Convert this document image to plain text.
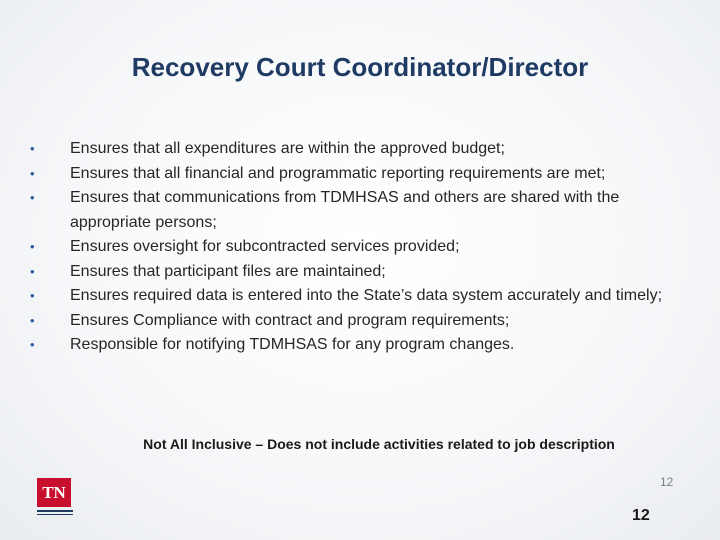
Recovery Court Coordinator/Director
• Ensures that all expenditures are within the approved budget;
• Ensures that all financial and programmatic reporting requirements are met;
• Ensures that communications from TDMHSAS and others are shared with the appropriate persons;
• Ensures oversight for subcontracted services provided;
• Ensures that participant files are maintained;
• Ensures required data is entered into the State’s data system accurately and timely;
• Ensures Compliance with contract and program requirements;
• Responsible for notifying TDMHSAS for any program changes.
Not All Inclusive – Does not include activities related to job description
TN
12
12
